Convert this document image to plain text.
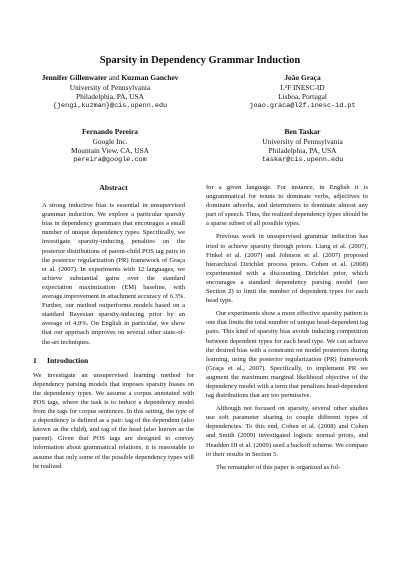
Sparsity in Dependency Grammar Induction
Jennifer Gillenwater and Kuzman Ganchev
University of Pennsylvania
Philadelphia, PA, USA
{jengi,kuzman}@cis.upenn.edu
João Graça
L²F INESC-ID
Lisboa, Portugal
joao.graca@l2f.inesc-id.pt
Fernando Pereira
Google Inc.
Mountain View, CA, USA
pereira@google.com
Ben Taskar
University of Pennsylvania
Philadelphia, PA, USA
taskar@cis.upenn.edu
Abstract

A strong inductive bias is essential in unsupervised grammar induction. We explore a particular sparsity bias in dependency grammars that encourages a small number of unique dependency types. Specifically, we investigate sparsity-inducing penalties on the posterior distributions of parent-child POS tag pairs in the posterior regularization (PR) framework of Graça et al. (2007). In experiments with 12 languages, we achieve substantial gains over the standard expectation maximization (EM) baseline, with average improvement in attachment accuracy of 6.3%. Further, our method outperforms models based on a standard Bayesian sparsity-inducing prior by an average of 4.9%. On English in particular, we show that our approach improves on several other state-of-the-art techniques.

1 Introduction

We investigate an unsupervised learning method for dependency parsing models that imposes sparsity biases on the dependency types. We assume a corpus annotated with POS tags, where the task is to induce a dependency model from the tags for corpus sentences. In this setting, the type of a dependency is defined as a pair: tag of the dependent (also known as the child), and tag of the head (also known as the parent). Given that POS tags are designed to convey information about grammatical relations, it is reasonable to assume that only some of the possible dependency types will be realized

for a given language. For instance, in English it is ungrammatical for nouns to dominate verbs, adjectives to dominate adverbs, and determiners to dominate almost any part of speech. Thus, the realized dependency types should be a sparse subset of all possible types.

Previous work in unsupervised grammar induction has tried to achieve sparsity through priors. Liang et al. (2007), Finkel et al. (2007) and Johnson et al. (2007) proposed hierarchical Dirichlet process priors. Cohen et al. (2008) experimented with a discounting Dirichlet prior, which encourages a standard dependency parsing model (see Section 2) to limit the number of dependent types for each head type.

Our experiments show a more effective sparsity pattern is one that limits the total number of unique head-dependent tag pairs. This kind of sparsity bias avoids inducing competition between dependent types for each head type. We can achieve the desired bias with a constraint on model posteriors during learning, using the posterior regularization (PR) framework (Graça et al., 2007). Specifically, to implement PR we augment the maximum marginal likelihood objective of the dependency model with a term that penalizes head-dependent tag distributions that are too permissive.

Although not focused on sparsity, several other studies use soft parameter sharing to couple different types of dependencies. To this end, Cohen et al. (2008) and Cohen and Smith (2009) investigated logistic normal priors, and Headden III et al. (2009) used a backoff scheme. We compare to their results in Section 5.

The remainder of this paper is organized as fol-
